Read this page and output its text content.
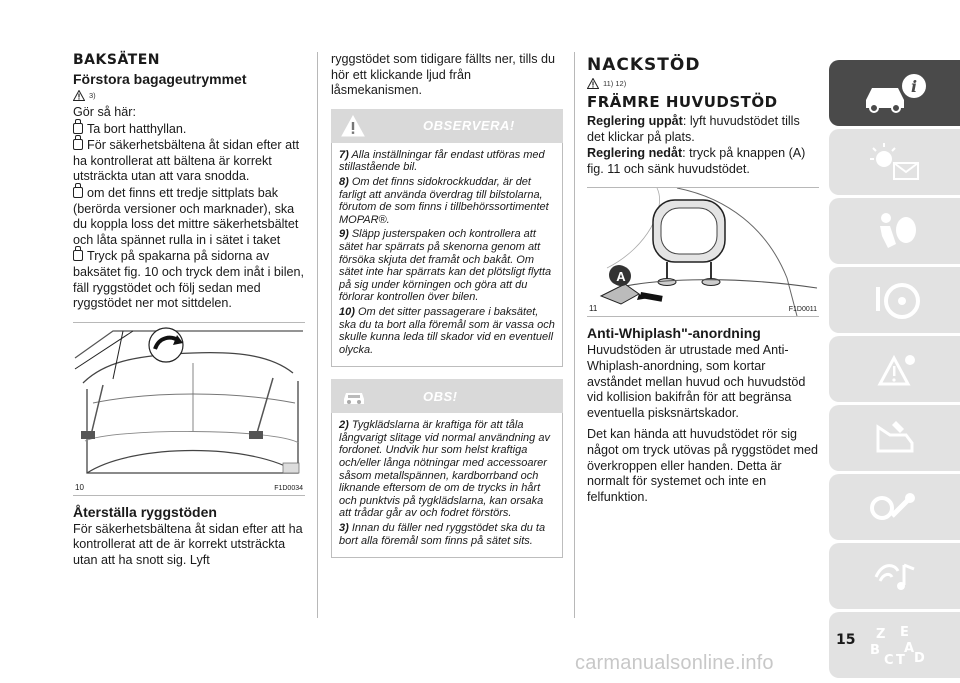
BAKSÄTEN
Förstora bagageutrymmet
3)

Gör så här:

Ta bort hatthyllan.

För säkerhetsbältena åt sidan efter att ha kontrollerat att bältena är korrekt utsträckta utan att vara snodda.

om det finns ett tredje sittplats bak (berörda versioner och marknader), ska du koppla loss det mittre säkerhetsbältet och låta spännet rulla in i sätet i taket

Tryck på spakarna på sidorna av baksätet fig. 10 och tryck dem inåt i bilen, fäll ryggstödet och följ sedan med ryggstödet ner mot sittdelen.

10	F1D0034
Återställa ryggstöden
För säkerhetsbältena åt sidan efter att ha kontrollerat att de är korrekt utsträckta utan att ha snott sig. Lyft
ryggstödet som tidigare fällts ner, tills du hör ett klickande ljud från låsmekanismen.
OBSERVERA!

7) Alla inställningar får endast utföras med stillastående bil.

8) Om det finns sidokrockkuddar, är det farligt att använda överdrag till bilstolarna, förutom de som finns i tillbehörssortimentet MOPAR®.

9) Släpp justerspaken och kontrollera att sätet har spärrats på skenorna genom att försöka skjuta det framåt och bakåt. Om sätet inte har spärrats kan det plötsligt flytta på sig under körningen och göra att du förlorar kontrollen över bilen.

10) Om det sitter passagerare i baksätet, ska du ta bort alla föremål som är vassa och skulle kunna leda till skador vid en eventuell olycka.

OBS!

2) Tygklädslarna är kraftiga för att tåla långvarigt slitage vid normal användning av fordonet. Undvik hur som helst kraftiga och/eller långa nötningar med accessoarer såsom metallspännen, kardborrband och liknande eftersom de om de trycks in hårt och punktvis på tygklädslarna, kan orsaka att trådar går av och fodret förstörs.

3) Innan du fäller ned ryggstödet ska du ta bort alla föremål som finns på sätet sits.

NACKSTÖD
11) 12)
FRÄMRE HUVUDSTÖD

Reglering uppåt: lyft huvudstödet tills det klickar på plats.

Reglering nedåt: tryck på knappen (A) fig. 11 och sänk huvudstödet.

A
11	F1D0011
Anti-Whiplash"-anordning

Huvudstöden är utrustade med Anti-Whiplash-anordning, som kortar avståndet mellan huvud och huvudstöd vid kollision bakifrån för att begränsa eventuella pisksnärtskador.

Det kan hända att huvudstödet rör sig något om tryck utövas på ryggstödet med överkroppen eller handen. Detta är normalt för systemet och inte en felfunktion.

i
Z E
B A
C T D
15
carmanualsonline.info
